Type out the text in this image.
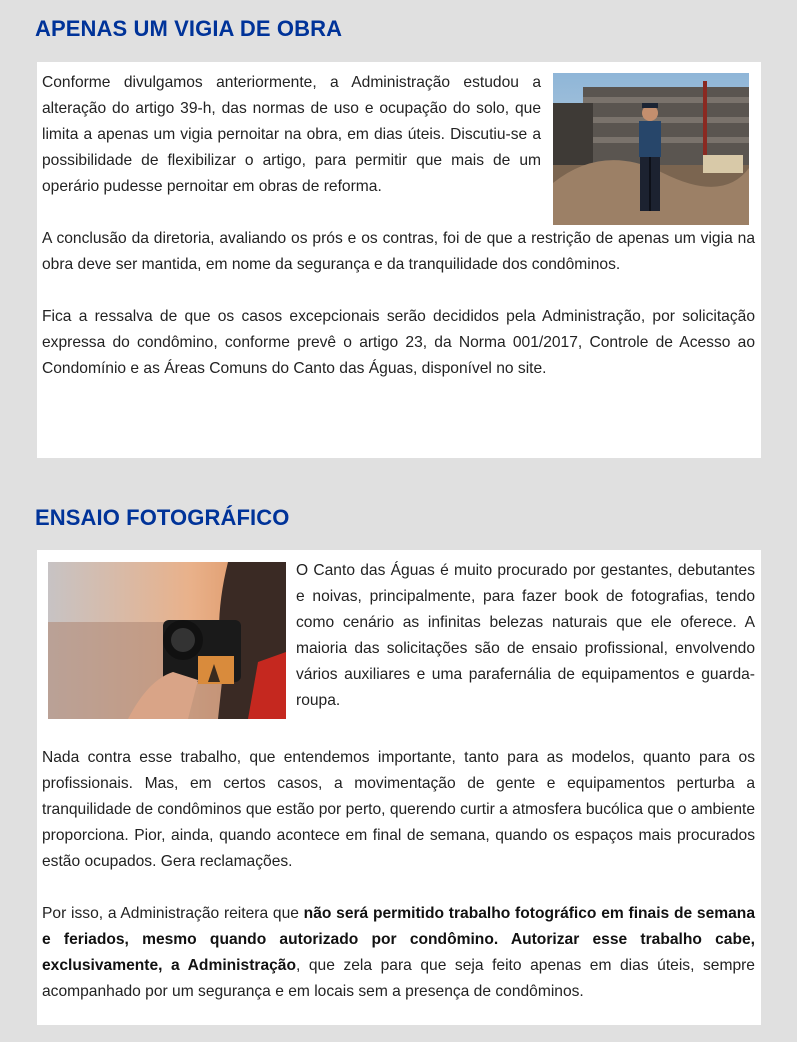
APENAS UM VIGIA DE OBRA

Conforme divulgamos anteriormente, a Administração estudou a alteração do artigo 39-h, das normas de uso e ocupação do solo, que limita a apenas um vigia pernoitar na obra, em dias úteis. Discutiu-se a possibilidade de flexibilizar o artigo, para permitir que mais de um operário pudesse pernoitar em obras de reforma.

A conclusão da diretoria, avaliando os prós e os contras, foi de que a restrição de apenas um vigia na obra deve ser mantida, em nome da segurança e da tranquilidade dos condôminos.

Fica a ressalva de que os casos excepcionais serão decididos pela Administração, por solicitação expressa do condômino, conforme prevê o artigo 23, da Norma 001/2017, Controle de Acesso ao Condomínio e as Áreas Comuns do Canto das Águas, disponível no site.

ENSAIO FOTOGRÁFICO

O Canto das Águas é muito procurado por gestantes, debutantes e noivas, principalmente, para fazer book de fotografias, tendo como cenário as infinitas belezas naturais que ele oferece. A maioria das solicitações são de ensaio profissional, envolvendo vários auxiliares e uma parafernália de equipamentos e guarda-roupa.

Nada contra esse trabalho, que entendemos importante, tanto para as modelos, quanto para os profissionais. Mas, em certos casos, a movimentação de gente e equipamentos perturba a tranquilidade de condôminos que estão por perto, querendo curtir a atmosfera bucólica que o ambiente proporciona. Pior, ainda, quando acontece em final de semana, quando os espaços mais procurados estão ocupados. Gera reclamações.

Por isso, a Administração reitera que não será permitido trabalho fotográfico em finais de semana e feriados, mesmo quando autorizado por condômino. Autorizar esse trabalho cabe, exclusivamente, a Administração, que zela para que seja feito apenas em dias úteis, sempre acompanhado por um segurança e em locais sem a presença de condôminos.
